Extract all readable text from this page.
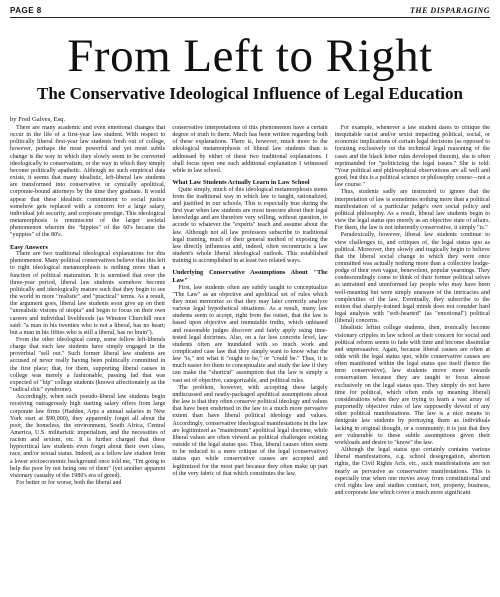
PAGE 8	THE DISPARAGING
From Left to Right
The Conservative Ideological Influence of Legal Education
by Fred Galves, Esq.

There are many academic and even emotional changes that occur in the life of a first-year law student. With respect to politically liberal first-year law students fresh out of college, however, perhaps the most powerful and yet most subtle change is the way in which they slowly seem to be converted ideologically to conservatism, or the way in which they simply become politically apathetic. Although no such empirical data exists, it seems that many idealistic, left-liberal law students are transformed into conservative or cynically apolitical, corporate-bound attorneys by the time they graduate. It would appear that these idealistic commitment to social justice somehow gets replaced with a concern for a large salary, individual job security, and corporate prestige. This ideological metamorphosis is reminiscent of the larger societal phenomenon wherein the "hippies" of the 60's became the "yuppies" of the 80's.

Easy Answers

There are two traditional ideological explanations for this phenomenon. Many political conservatives believe that this left to right ideological metamorphosis is nothing more than a function of political maturation. It is surmised that over the three-year period, liberal law students somehow become politically and ideologically mature such that they begin to see the world in more "realistic" and "practical" terms. As a result, the argument goes, liberal law students soon give up on their "unrealistic visions of utopia" and begin to focus on their own careers and individual livelihoods (as Winston Churchill once said: "a man in his twenties who is not a liberal, has no heart; but a man in his fifties who is still a liberal, has no brain").

From the other ideological camp, some fellow left-liberals charge that such law students have simply engaged in the proverbial "sell out." Such former liberal law students are accused of never really having been politically committed in the first place; that, for them, supporting liberal causes in college was merely a fashionable, passing fad that was expected of "hip" college students (known affectionately as the "radical chic" syndrome).

Accordingly, when such pseudo-liberal law students begin receiving outrageously high starting salary offers from large corporate law firms (Hadden, Arps a annual salaries in New York start at $90,000), they apparently forget all about the poor, the homeless, the environment, South Africa, Central America, U.S. militaristic imperialism, and the necessities of racism and sexism, etc. It is further charged that these hypocritical law students even forget about their own class, race, and/or sexual status. Indeed, as a fellow law student from a lower socioeconomic background once told me, "I'm going to help the poor by not being one of them" (yet another apparent visionary casualty of the 1980's era of greed).

For better or for worse, both the liberal and

conservative interpretations of this phenomenon have a certain degree of truth to them. Much has been written regarding both of these explanations. There is, however, much more to the ideological metamorphosis of liberal law students than is addressed by either of these two traditional explanations. I shall focus upon one such additional explanation I witnessed while in law school.

What Law Students Actually Learn in Law School

Quite simply, much of this ideological metamorphosis stems from the traditional way in which law is taught, rationalized, and justified in our schools. This is especially true during the first year when law students are most insecure about their legal knowledge and are therefore very willing, without question, to accede to whatever the "experts" teach and assume about the law. Although not all law professors subscribe to traditional legal training, much of their general method of exposing the law directly influences and, indeed, often reconstructs a law student's whole liberal ideological outlook. This established training is accomplished in at least two related ways.

Underlying Conservative Assumptions About "The Law"

First, law students often are subtly taught to conceptualize "The Law" as an objective and apolitical set of rules which they must memorize so that they may later correctly analyze various legal hypothetical situations. As a result, many law students seem to accept, right from the outset, that the law is based upon objective and immutable truths, which unbiased and reasonable judges discover and fairly apply using time-tested legal doctrines. Also, on a far less concrete level, law students often are inundated with so much work and complicated case law that they simply want to know what the law "is," not what it "ought to be," or "could be." Thus, it is much easier for them to conceptualize and study the law if they can make the "shortcut" assumption that the law is simply a vast set of objective, categorizable, and political rules.

The problem, however, with accepting these largely undiscussed and neatly-packaged apolitical assumptions about the law is that they often conserve political ideology and values that have been enshrined in the law to a much more pervasive extent than have liberal political ideology and values. Accordingly, conservative ideological manifestations in the law are legitimized as "mainstream" apolitical legal doctrine, while liberal values are often viewed as political challenges existing outside of the legal status quo. Thus, liberal causes often seem to be reduced to a mere critique of the legal (conservative) status quo while conservative causes are accepted and legitimized for the most part because they often make up part of the very fabric of that which constitutes the law.

For example, whenever a law student dares to critique the inequitable racist and/or sexist impacting political, social, or economic implications of certain legal decisions (as opposed to focusing exclusively on the technical legal reasoning of the cases and the black letter rules developed therein), she is often reprimanded for "politicizing the legal issues." She is told: "Your political and philosophical observations are all well and good, but this is a political science or philosophy course—not a law course."

Thus, students sadly are instructed to ignore that the interpretation of law is sometimes nothing more than a political manifestation of a particular judge's own social policy and political philosophy. As a result, liberal law students begin to view the legal status quo merely as an objective state of affairs. For them, the law is not inherently conservative, it simply "is."

Paradoxically, however, liberal law students continue to view challenges to, and critiques of, the legal status quo as political. Moreover, they slowly and tragically begin to believe that the liberal social change to which they were once committed was actually nothing more than a collective hodge-podge of their own vague, benevolent, popular yearnings. They condescendingly come to think of their former political selves as untrained and uninformed lay people who may have been well-meaning but were simply unaware of the intricacies and complexities of the law. Eventually, they subscribe to the notion that sharply-trained legal minds does not consider hard legal analysis with "soft-hearted" (as "emotional") political (liberal) concerns.

Idealistic leftist college students, then, ironically become visionary cripples in law school as their concern for social and political reform seems to fade with time and become dissimilar and unpersuasive. Again, because liberal causes are often at odds with the legal status quo, while conservative causes are often manifested within the legal status quo itself (hence the term conservative), law students move more towards conservatism because they are taught to focus almost exclusively on the legal status quo. They simply do not have time for political, which often ends up meaning liberal) considerations when they are trying to learn a vast array of purportedly objective rules of law supposedly devoid of any other political manifestations. The law is a nice means to denigrate law students by portraying them as individuals lacking in original thought, or a community; it is just that they are vulnerable to these subtle assumptions given their workloads and desire to "know" the law.

Although the legal status quo certainly contains various liberal manifestations, e.g. school desegregation, abortion rights, the Civil Rights Acts, etc., such manifestations are not nearly as pervasive as conservative manifestations. This is especially true when one moves away from constitutional and civil rights law and studies contract, tort, property, business, and corporate law which cover a much more significant
